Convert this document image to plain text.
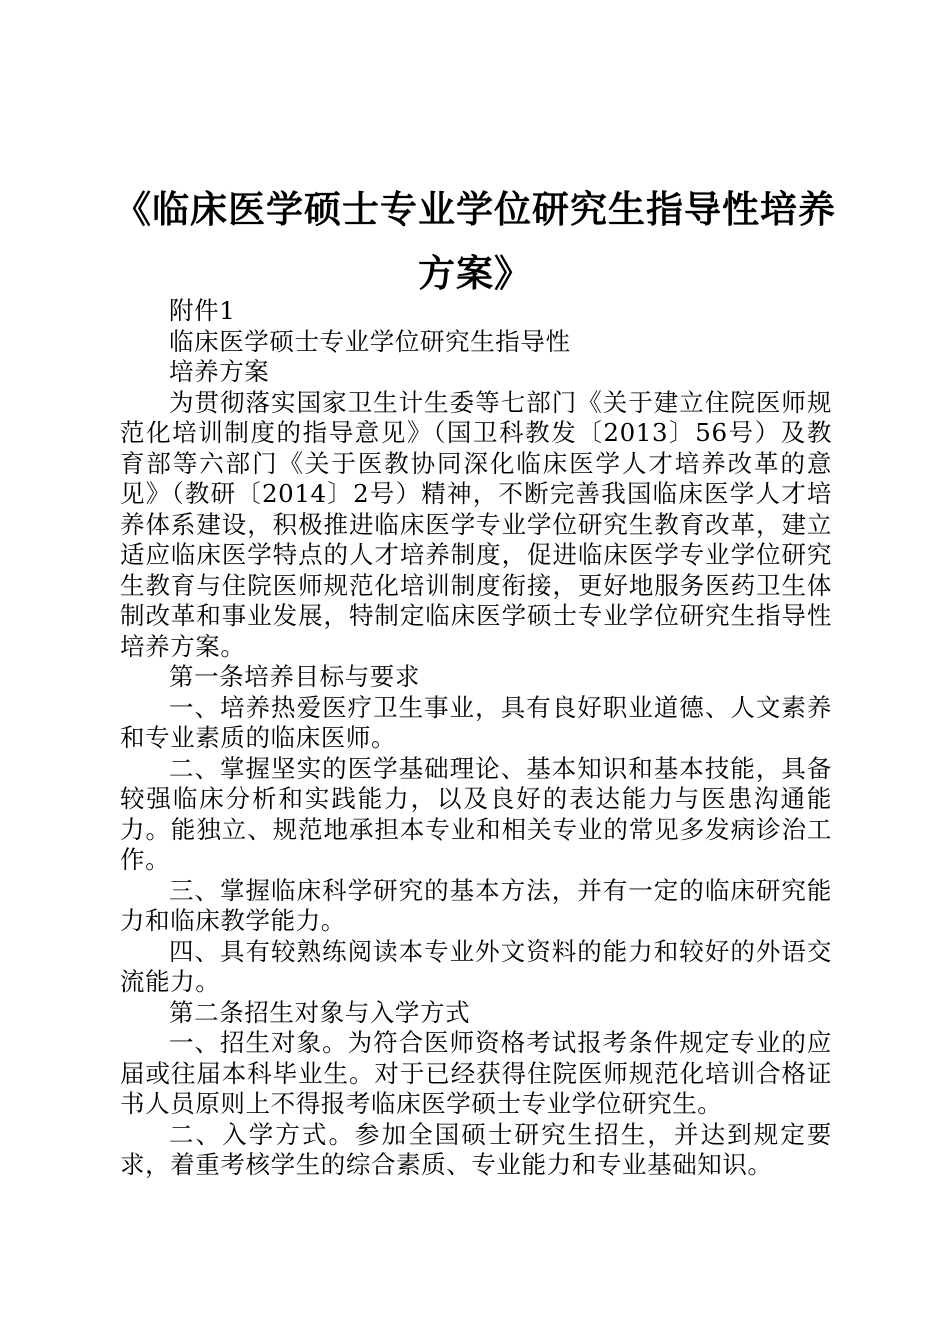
《临床医学硕士专业学位研究生指导性培养方案》

附件1

临床医学硕士专业学位研究生指导性

培养方案

为贯彻落实国家卫生计生委等七部门《关于建立住院医师规范化培训制度的指导意见》（国卫科教发〔2013〕56号）及教育部等六部门《关于医教协同深化临床医学人才培养改革的意见》（教研〔2014〕2号）精神，不断完善我国临床医学人才培养体系建设，积极推进临床医学专业学位研究生教育改革，建立适应临床医学特点的人才培养制度，促进临床医学专业学位研究生教育与住院医师规范化培训制度衔接，更好地服务医药卫生体制改革和事业发展，特制定临床医学硕士专业学位研究生指导性培养方案。

第一条培养目标与要求

一、培养热爱医疗卫生事业，具有良好职业道德、人文素养和专业素质的临床医师。

二、掌握坚实的医学基础理论、基本知识和基本技能，具备较强临床分析和实践能力，以及良好的表达能力与医患沟通能力。能独立、规范地承担本专业和相关专业的常见多发病诊治工作。

三、掌握临床科学研究的基本方法，并有一定的临床研究能力和临床教学能力。

四、具有较熟练阅读本专业外文资料的能力和较好的外语交流能力。

第二条招生对象与入学方式

一、招生对象。为符合医师资格考试报考条件规定专业的应届或往届本科毕业生。对于已经获得住院医师规范化培训合格证书人员原则上不得报考临床医学硕士专业学位研究生。

二、入学方式。参加全国硕士研究生招生，并达到规定要求，着重考核学生的综合素质、专业能力和专业基础知识。
